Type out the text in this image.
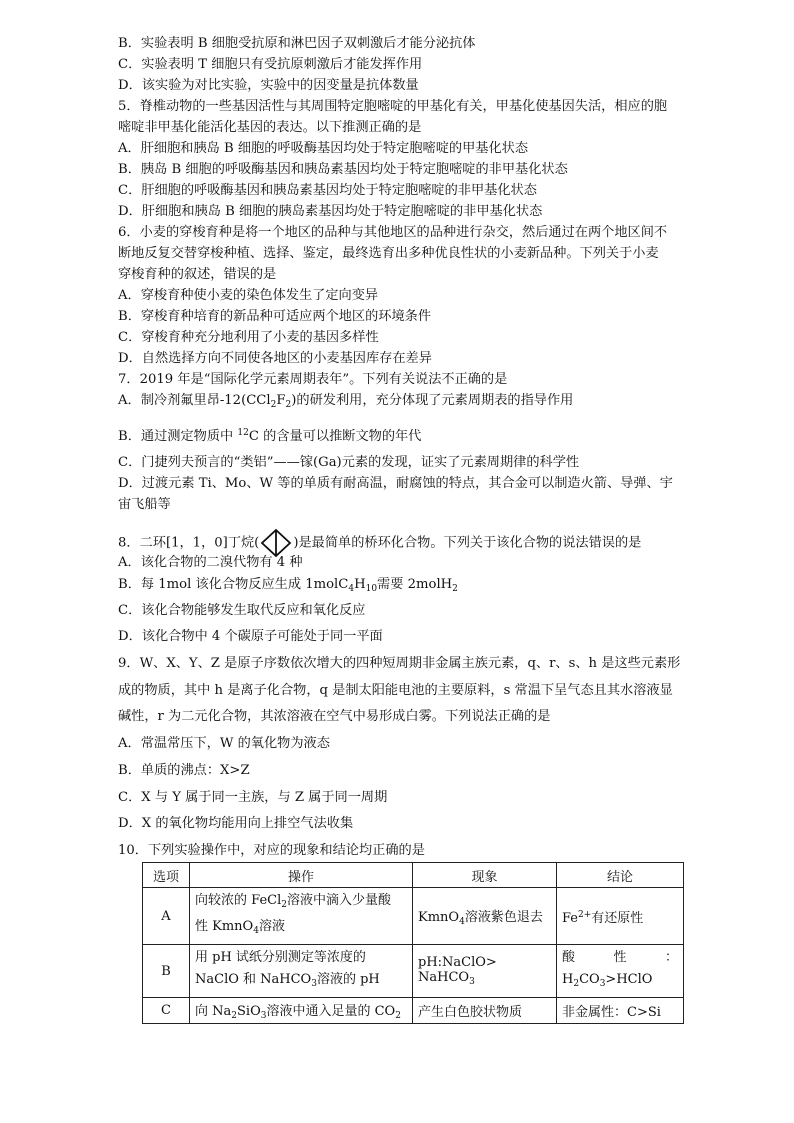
B．实验表明 B 细胞受抗原和淋巴因子双刺激后才能分泌抗体
C．实验表明 T 细胞只有受抗原刺激后才能发挥作用
D．该实验为对比实验，实验中的因变量是抗体数量
5．脊椎动物的一些基因活性与其周围特定胞嘧啶的甲基化有关，甲基化使基因失活，相应的胞
嘧啶非甲基化能活化基因的表达。以下推测正确的是
A．肝细胞和胰岛 B 细胞的呼吸酶基因均处于特定胞嘧啶的甲基化状态
B．胰岛 B 细胞的呼吸酶基因和胰岛素基因均处于特定胞嘧啶的非甲基化状态
C．肝细胞的呼吸酶基因和胰岛素基因均处于特定胞嘧啶的非甲基化状态
D．肝细胞和胰岛 B 细胞的胰岛素基因均处于特定胞嘧啶的非甲基化状态
6．小麦的穿梭育种是将一个地区的品种与其他地区的品种进行杂交，然后通过在两个地区间不
断地反复交替穿梭种植、选择、鉴定，最终选育出多种优良性状的小麦新品种。下列关于小麦
穿梭育种的叙述，错误的是
A．穿梭育种使小麦的染色体发生了定向变异
B．穿梭育种培育的新品种可适应两个地区的环境条件
C．穿梭育种充分地利用了小麦的基因多样性
D．自然选择方向不同使各地区的小麦基因库存在差异
7．2019 年是“国际化学元素周期表年”。下列有关说法不正确的是
A．制冷剂氟里昂$-12(CCl_2F_2)$的研发利用，充分体现了元素周期表的指导作用
B．通过测定物质中 $^{12}$C 的含量可以推断文物的年代
C．门捷列夫预言的“类铝”——镓(Ga)元素的发现，证实了元素周期律的科学性
D．过渡元素 Ti、Mo、W 等的单质有耐高温，耐腐蚀的特点，其合金可以制造火箭、导弹、宇
宙飞船等
8．二环[1，1，0]丁烷(	)是最简单的桥环化合物。下列关于该化合物的说法错误的是
A．该化合物的二溴代物有 4 种
B．每 1mol 该化合物反应生成 $1molC_4H_{10}$需要 2molH$_2$
C．该化合物能够发生取代反应和氧化反应
D．该化合物中 4 个碳原子可能处于同一平面
9．W、X、Y、Z 是原子序数依次增大的四种短周期非金属主族元素，q、r、s、h 是这些元素形
成的物质，其中 h 是离子化合物，q 是制太阳能电池的主要原料，s 常温下呈气态且其水溶液显
碱性，r 为二元化合物，其浓溶液在空气中易形成白雾。下列说法正确的是
A．常温常压下，W 的氧化物为液态
B．单质的沸点：X>Z
C．X 与 Y 属于同一主族，与 Z 属于同一周期
D．X 的氧化物均能用向上排空气法收集
10．下列实验操作中，对应的现象和结论均正确的是
选项	操作	现象	结论
A	向较浓的 FeCl$_2$溶液中滴入少量酸
性 KmnO$_4$溶液	KmnO$_4$溶液紫色退去	$Fe^{2+}$有还原性
B	用 pH 试纸分别测定等浓度的
NaClO 和 NaHCO$_3$溶液的 pH	pH:NaClO> NaHCO$_3$	酸 性 ：
$H_2CO_3>HClO$

C	向 $Na_2SiO_3$溶液中通入足量的 $CO_2$	产生白色胶状物质	非金属性：C>Si
